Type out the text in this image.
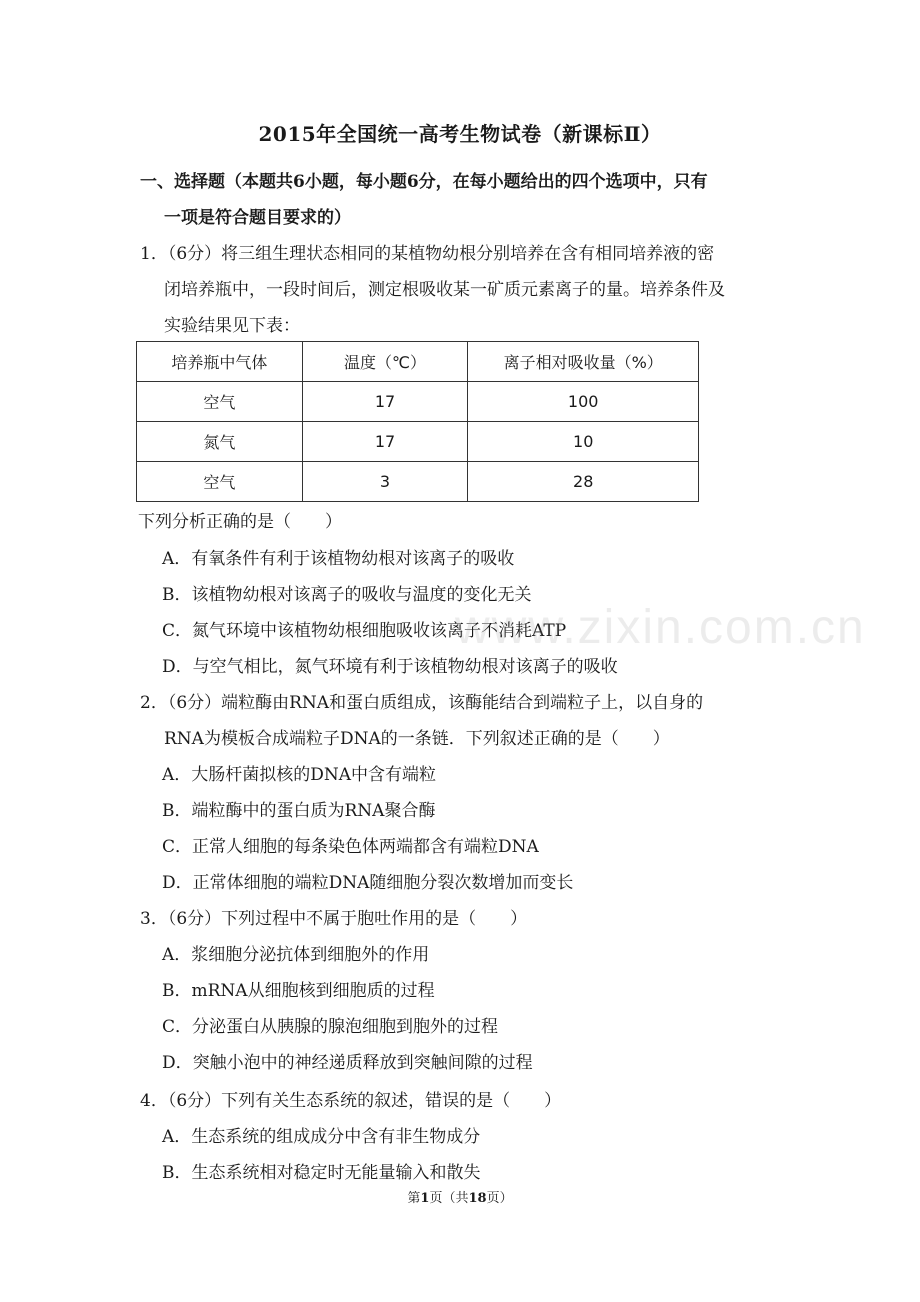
2015年全国统一高考生物试卷（新课标Ⅱ）
一、选择题（本题共6小题，每小题6分，在每小题给出的四个选项中，只有
一项是符合题目要求的）
1．（6分）将三组生理状态相同的某植物幼根分别培养在含有相同培养液的密
闭培养瓶中，一段时间后，测定根吸收某一矿质元素离子的量。培养条件及
实验结果见下表：
培养瓶中气体	温度（℃）	离子相对吸收量（%）
空气	17	100
氮气	17	10
空气	3	28
下列分析正确的是（　　）
A．有氧条件有利于该植物幼根对该离子的吸收
B．该植物幼根对该离子的吸收与温度的变化无关
C．氮气环境中该植物幼根细胞吸收该离子不消耗ATP
D．与空气相比，氮气环境有利于该植物幼根对该离子的吸收
2．（6分）端粒酶由RNA和蛋白质组成，该酶能结合到端粒子上，以自身的
RNA为模板合成端粒子DNA的一条链．下列叙述正确的是（　　）
A．大肠杆菌拟核的DNA中含有端粒
B．端粒酶中的蛋白质为RNA聚合酶
C．正常人细胞的每条染色体两端都含有端粒DNA
D．正常体细胞的端粒DNA随细胞分裂次数增加而变长
3．（6分）下列过程中不属于胞吐作用的是（　　）
A．浆细胞分泌抗体到细胞外的作用
B．mRNA从细胞核到细胞质的过程
C．分泌蛋白从胰腺的腺泡细胞到胞外的过程
D．突触小泡中的神经递质释放到突触间隙的过程
4．（6分）下列有关生态系统的叙述，错误的是（　　）
A．生态系统的组成成分中含有非生物成分
B．生态系统相对稳定时无能量输入和散失
www.zixin.com.cn
第1页（共18页）
